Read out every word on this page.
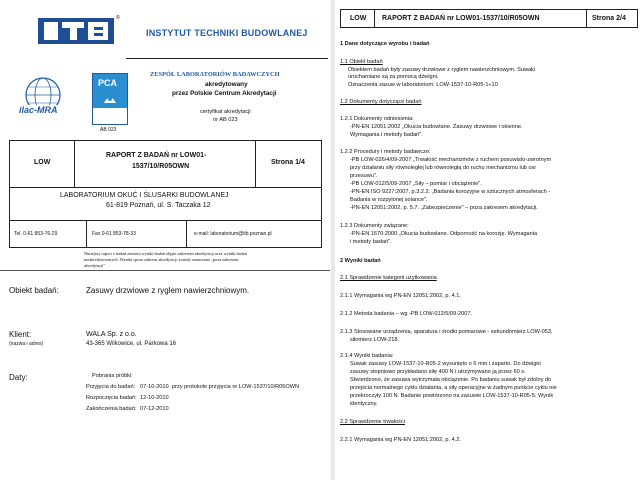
®
INSTYTUT TECHNIKI BUDOWLANEJ
ilac-MRA
PCA
AB 023
ZESPÓŁ LABORATORIÓW BADAWCZYCH
akredytowany
przez Polskie Centrum Akredytacji
certyfikat akredytacji
nr AB 023
LOW
RAPORT Z BADAŃ nr LOW01-
1537/10/R05OWN
Strona 1/4
LABORATORIUM OKUĆ I ŚLUSARKI BUDOWLANEJ
61-819 Poznań, ul. S. Taczaka 12
Tel. 0-61 853-76-29	Fax 0-61 853-78-33	e-mail: laboratorium@itb.poznan.pl
Niniejszy raport z badań zawiera wyniki badań objęte zakresem akredytacji oraz wyniki badań
nieakredytowanych. Wyniki spoza zakresu akredytacji zostały oznaczone „poza zakresem
akredytacji"
Obiekt badań:	Zasuwy drzwiowe z ryglem nawierzchniowym.
Klient:
(nazwa i adres)
WALA Sp. z o.o.
43-365 Wilkowice, ul. Parkowa 16
Daty:	Pobrania próbki:
Przyjęcia do badań: 07-10-2010 przy protokole przyjęcia nr LOW-1537/10/R05OWN
Rozpoczęcia badań: 12-10-2010
Zakończenia badań: 07-12-2010
LOW RAPORT Z BADAŃ nr LOW01-1537/10/R05OWN	Strona 2/4
1 Dane dotyczące wyrobu i badań
1.1 Obiekt badań
Obiektem badań były zasuwy drzwiowe z ryglem nawierzchniowym. Suwaki
uruchamiane są za pomocą dźwigni.
Oznaczenia zasuw w laboratorium: LOW-1537-10-R05-1÷10
1.2 Dokumenty dotyczące badań
1.2.1 Dokumenty odniesienia:
-PN-EN 12051:2002 „Okucia budowlane. Zasuwy drzwiowe i okienne.
Wymagania i metody badań".
1.2.2 Procedury i metody badawcze:
-PB LOW-026/4/09-2007 „Trwałość mechanizmów z ruchem posuwisto-zwrotnym
przy działaniu siły równoległej lub równoległą do ruchu mechanizmu lub osi
przesuwu".
-PB LOW-012/5/09-2007 „Siły – pomiar i obciążenie".
-PN-EN ISO 9227:2007, p.3.2.2. „Badania korozyjne w sztucznych atmosferach -
Badania w rozpylonej solance".
-PN-EN 12051:2002, p. 5.7. „Zabezpieczenie" – poza zakresem akredytacji.
1.2.3 Dokumenty związane:
-PN-EN 1670:2000 „Okucia budowlane. Odporność na korozję. Wymagania
i metody badań".
2 Wyniki badań
2.1 Sprawdzenie kategorii użytkowania
2.1.1 Wymagania wg PN-EN 12051:2002, p. 4.1.
2.1.2 Metoda badania – wg -PB LOW-012/5/09-2007.
2.1.3 Stosowane urządzenia, aparatura i środki pomiarowe - sekundomierz LOW-053,
siłomierz LOW-218.
2.1.4 Wyniki badania:
Suwak zasuwy LOW-1537-10-R05-2 wysunięto o 6 mm i zaparto. Do dźwigni
zasuwy stopniowo przykładano siłę 400 N i utrzymywano ją przez 60 s.
Stwierdzono, że zasuwa wytrzymała obciążenie. Po badaniu suwak był zdolny do
przejścia normalnego cyklu działania, a siły operacyjne w żadnym punkcie cyklu nie
przekroczyły 100 N. Badanie powtórzono na zasuwie LOW-1537-10-R05-5. Wynik
identyczny.
2.2 Sprawdzenie trwałości
2.2.1 Wymagania wg PN-EN 12051:2002, p. 4.2.
